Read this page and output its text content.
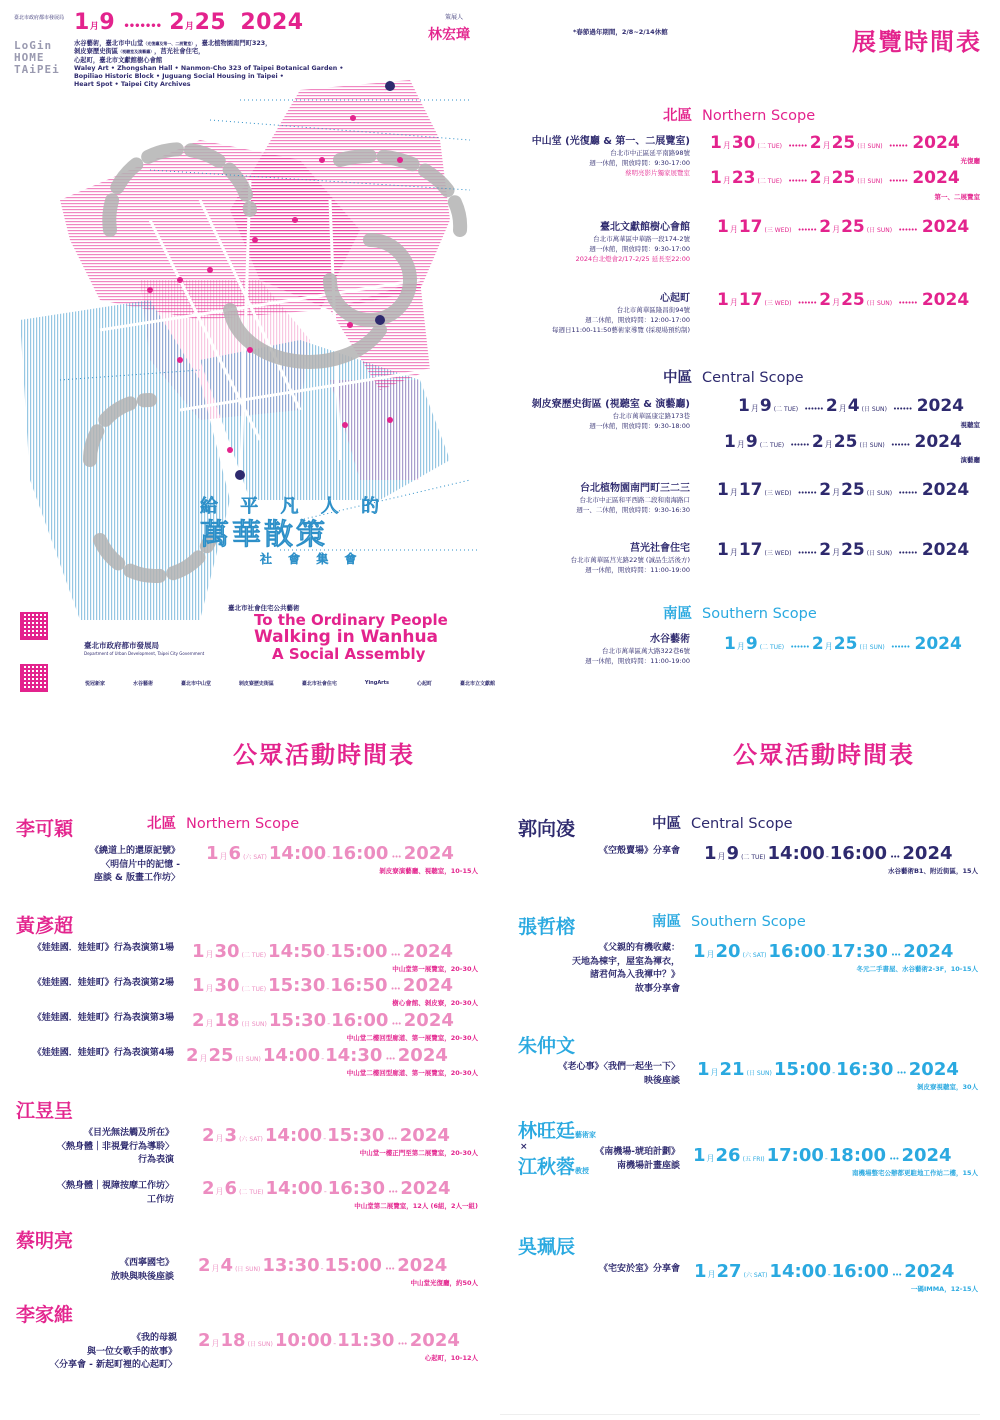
臺北市政府都市發展局
LoGin
HOME
TAiPEi
1月9 ••••••• 2月25 2024	策展人
林宏璋
水谷藝術，臺北市中山堂（光復廳及第一、二展覽室），臺北植物園南門町323，
剝皮寮歷史街區（視聽室及演藝廳），莒光社會住宅，
心起町，臺北市文獻館樹心會館
Waley Art • Zhongshan Hall • Nanmon-Cho 323 of Taipei Botanical Garden •
Bopiliao Historic Block • Juguang Social Housing in Taipei •
Heart Spot • Taipei City Archives
給 平 凡 人 的
萬華散策
社 會 集 會
臺北市社會住宅公共藝術
To the Ordinary People
Walking in Wanhua
A Social Assembly
臺北市政府都市發展局
Department of Urban Development, Taipei City Government
悦冠新家	水谷藝術	臺北市中山堂	剝皮寮歷史街區	臺北市社會住宅	YingArts	心起町	臺北市立文獻館
*春節過年期間，2/8~2/14休館	展覽時間表
北區 Northern Scope
中山堂 (光復廳 & 第一、二展覽室)
台北市中正區延平南路98號
週一休館，開放時間：9:30-17:00
蔡明亮影片獨家展覽室
1 月 30 (二 TUE) •••••• 2 月 25 (日 SUN) •••••• 2024
光復廳
1 月 23 (二 TUE) •••••• 2 月 25 (日 SUN) •••••• 2024
第一、二展覽室
臺北文獻館樹心會館
台北市萬華區中華路一段174-2號
週一休館，開放時間：9:30-17:00
2024台北燈會2/17-2/25 延長至22:00
1 月 17 (三 WED) •••••• 2 月 25 (日 SUN) •••••• 2024
心起町
台北市萬華區隆昌街94號
週二休館，開放時間：12:00-17:00
每週日11:00-11:50藝術家導覽 (採現場預約制)
1 月 17 (三 WED) •••••• 2 月 25 (日 SUN) •••••• 2024
中區 Central Scope
剝皮寮歷史街區 (視聽室 & 演藝廳)
台北市萬華區康定路173巷
週一休館，開放時間：9:30-18:00
1 月 9 (二 TUE) •••••• 2 月 4 (日 SUN) •••••• 2024
視聽室
1 月 9 (二 TUE) •••••• 2 月 25 (日 SUN) •••••• 2024
演藝廳
台北植物園南門町三二三
台北市中正區和平西路二段和南海路口
週一、二休館，開放時間：9:30-16:30
1 月 17 (三 WED) •••••• 2 月 25 (日 SUN) •••••• 2024
莒光社會住宅
台北市萬華區莒光路22號 (誠品生活後方)
週一休館，開放時間：11:00-19:00
1 月 17 (三 WED) •••••• 2 月 25 (日 SUN) •••••• 2024
南區 Southern Scope
水谷藝術
台北市萬華區萬大路322巷6號
週一休館，開放時間：11:00-19:00
1 月 9 (二 TUE) •••••• 2 月 25 (日 SUN) •••••• 2024
公眾活動時間表	公眾活動時間表
北區 Northern Scope
李可穎
《繞道上的還原記號》
〈明信片中的記憶 -
座談 & 版畫工作坊〉
1 月 6 (六 SAT) 14:00 - 16:00 ••• 2024
剝皮寮演藝廳、視聽室，10-15人
黃彥超
《娃娃國．娃娃町》行為表演第1場 1 月 30 (二 TUE) 14:50 - 15:00 ••• 2024
中山堂第一展覽室，20-30人
《娃娃國．娃娃町》行為表演第2場 1 月 30 (二 TUE) 15:30 - 16:50 ••• 2024
樹心會館、剝皮寮，20-30人
《娃娃國．娃娃町》行為表演第3場 2 月 18 (日 SUN) 15:30 - 16:00 ••• 2024
中山堂二樓回型廊道、第一展覽室，20-30人
《娃娃國．娃娃町》行為表演第4場 2 月 25 (日 SUN) 14:00 - 14:30 ••• 2024
中山堂二樓回型廊道、第一展覽室，20-30人
江昱呈
《目光無法觸及所在》
〈熱身體｜非視覺行為導聆〉
行為表演
2 月 3 (六 SAT) 14:00 - 15:30 ••• 2024
中山堂一樓正門至第二展覽室，20-30人
〈熱身體｜視障按摩工作坊〉
工作坊
2 月 6 (二 TUE) 14:00 - 16:30 ••• 2024
中山堂第二展覽室，12人 (6組，2人一組)
蔡明亮
《西寧國宅》
放映與映後座談
2 月 4 (日 SUN) 13:30 - 15:00 ••• 2024
中山堂光復廳，約50人
李家維
《我的母親
與一位女歌手的故事》
〈分享會 - 新起町裡的心起町〉
2 月 18 (日 SUN) 10:00 - 11:30 ••• 2024
心起町，10-12人
中區 Central Scope
郭向凌
《空殼賣場》分享會 1 月 9 (二 TUE) 14:00 - 16:00 ••• 2024
水谷藝術B1、附近街區，15人
南區 Southern Scope
張哲榕
《父親的有機收藏：
天地為棟宇，屋室為褌衣，
諸君何為入我褌中？》
故事分享會
1 月 20 (六 SAT) 16:00 - 17:30 ••• 2024
冬元二手書屋、水谷藝術2-3F，10-15人
朱仲文
《老心事》〈我們一起坐一下〉
映後座談
1 月 21 (日 SUN) 15:00 - 16:30 ••• 2024
剝皮寮視聽室，30人
林旺廷藝術家
×
江秋蓉教授
《南機場-琥珀計劃》
南機場計畫座談 1 月 26 (五 FRI) 17:00 - 18:00 ••• 2024
南機場整宅公辦都更駐地工作站二樓，15人
吳珮辰
《宅安於室》分享會 1 月 27 (六 SAT) 14:00 - 16:00 ••• 2024
一碼IMMA，12-15人
